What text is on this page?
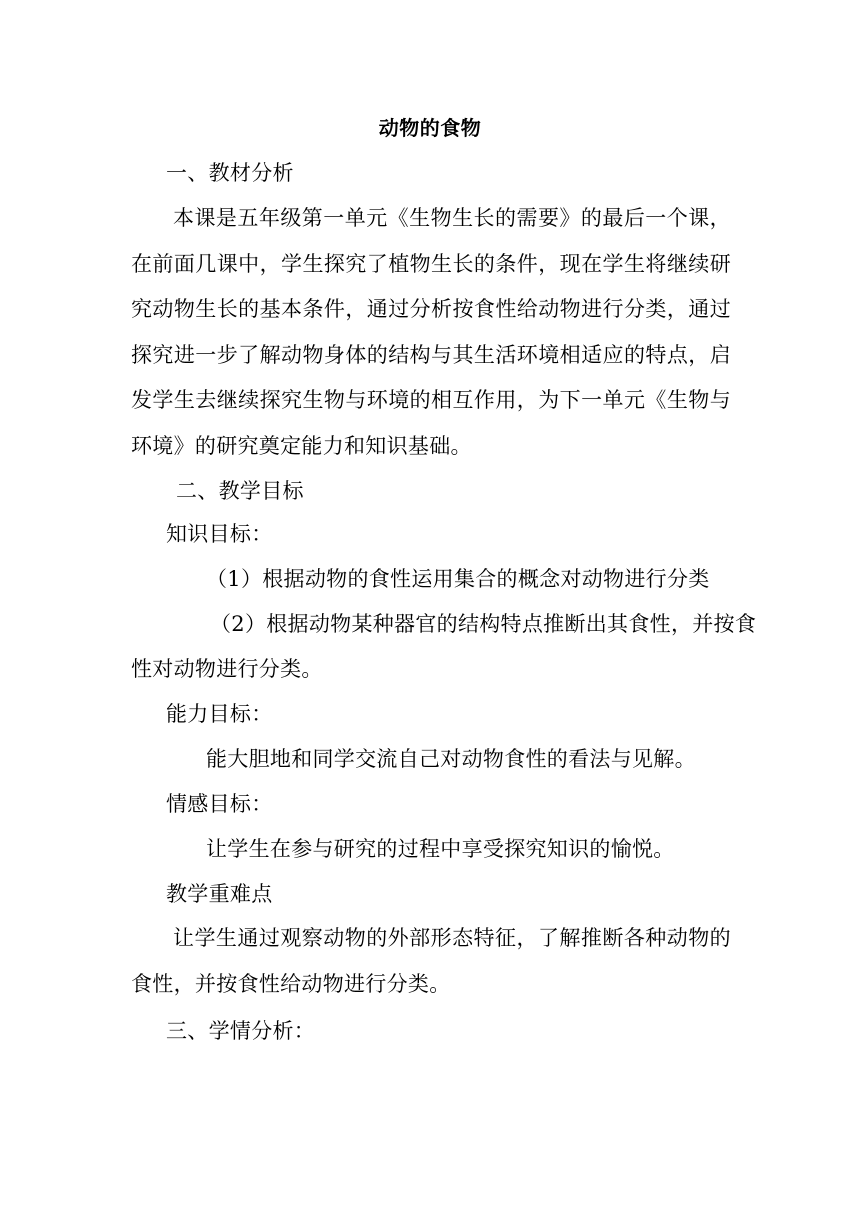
动物的食物
一、教材分析
本课是五年级第一单元《生物生长的需要》的最后一个课，在前面几课中，学生探究了植物生长的条件，现在学生将继续研究动物生长的基本条件，通过分析按食性给动物进行分类，通过探究进一步了解动物身体的结构与其生活环境相适应的特点，启发学生去继续探究生物与环境的相互作用，为下一单元《生物与环境》的研究奠定能力和知识基础。
二、教学目标
知识目标：
（1）根据动物的食性运用集合的概念对动物进行分类
（2）根据动物某种器官的结构特点推断出其食性，并按食
性对动物进行分类。
能力目标：
能大胆地和同学交流自己对动物食性的看法与见解。
情感目标：
让学生在参与研究的过程中享受探究知识的愉悦。
教学重难点
让学生通过观察动物的外部形态特征，了解推断各种动物的食性，并按食性给动物进行分类。
三、学情分析：
